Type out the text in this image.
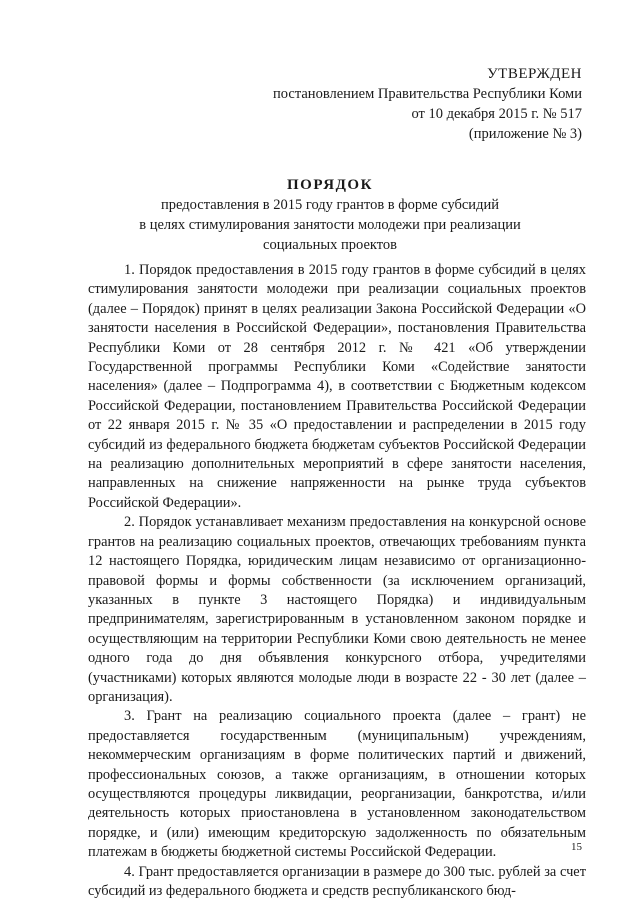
УТВЕРЖДЕН
постановлением Правительства Республики Коми
от 10 декабря 2015 г. № 517
(приложение № 3)
ПОРЯДОК
предоставления в 2015 году грантов в форме субсидий
в целях стимулирования занятости молодежи при реализации
социальных проектов

1. Порядок предоставления в 2015 году грантов в форме субсидий в целях стимулирования занятости молодежи при реализации социальных проектов (далее – Порядок) принят в целях реализации Закона Российской Федерации «О занятости населения в Российской Федерации», постановления Правительства Республики Коми от 28 сентября 2012 г. № 421 «Об утверждении Государственной программы Республики Коми «Содействие занятости населения» (далее – Подпрограмма 4), в соответствии с Бюджетным кодексом Российской Федерации, постановлением Правительства Российской Федерации от 22 января 2015 г. № 35 «О предоставлении и распределении в 2015 году субсидий из федерального бюджета бюджетам субъектов Российской Федерации на реализацию дополнительных мероприятий в сфере занятости населения, направленных на снижение напряженности на рынке труда субъектов Российской Федерации».

2. Порядок устанавливает механизм предоставления на конкурсной основе грантов на реализацию социальных проектов, отвечающих требованиям пункта 12 настоящего Порядка, юридическим лицам независимо от организационно-правовой формы и формы собственности (за исключением организаций, указанных в пункте 3 настоящего Порядка) и индивидуальным предпринимателям, зарегистрированным в установленном законом порядке и осуществляющим на территории Республики Коми свою деятельность не менее одного года до дня объявления конкурсного отбора, учредителями (участниками) которых являются молодые люди в возрасте 22 - 30 лет (далее – организация).

3. Грант на реализацию социального проекта (далее – грант) не предоставляется государственным (муниципальным) учреждениям, некоммерческим организациям в форме политических партий и движений, профессиональных союзов, а также организациям, в отношении которых осуществляются процедуры ликвидации, реорганизации, банкротства, и/или деятельность которых приостановлена в установленном законодательством порядке, и (или) имеющим кредиторскую задолженность по обязательным платежам в бюджеты бюджетной системы Российской Федерации.

4. Грант предоставляется организации в размере до 300 тыс. рублей за счет субсидий из федерального бюджета и средств республиканского бюд-

15
